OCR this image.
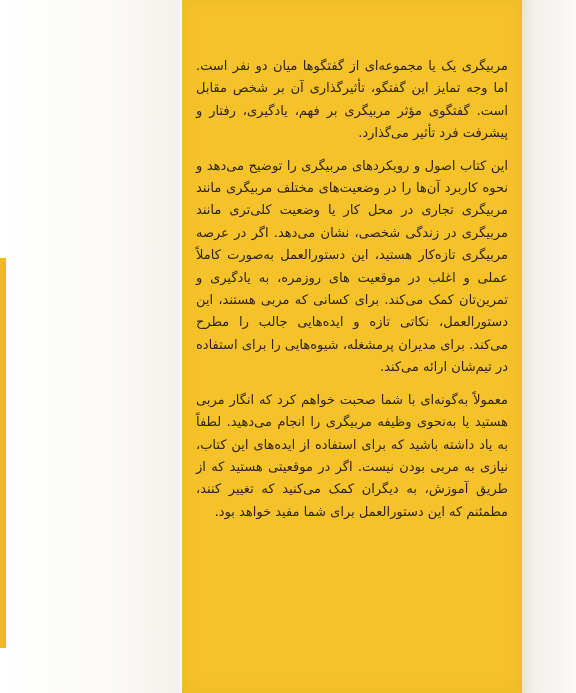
مربیگری یک یا مجموعه‌ای از گفتگوها میان دو نفر است. اما وجه تمایز این گفتگو، تأثیرگذاری آن بر شخص مقابل است. گفتگوی مؤثر مربیگری بر فهم، یادگیری، رفتار و پیشرفت فرد تأثیر می‌گذارد.

این کتاب اصول و رویکردهای مربیگری را توضیح می‌دهد و نحوه کاربرد آن‌ها را در وضعیت‌های مختلف مربیگری مانند مربیگری تجاری در محل کار یا وضعیت کلی‌تری مانند مربیگری در زندگی شخصی، نشان می‌دهد. اگر در عرصه مربیگری تازه‌کار هستید، این دستورالعمل به‌صورت کاملاً عملی و اغلب در موقعیت های روزمره، به یادگیری و تمرین‌تان کمک می‌کند. برای کسانی که مربی هستند، این دستورالعمل، نکاتی تازه و ایده‌هایی جالب را مطرح می‌کند. برای مدیران پرمشغله، شیوه‌هایی را برای استفاده در تیم‌شان ارائه می‌کند.

معمولاً به‌گونه‌ای با شما صحبت خواهم کرد که انگار مربی هستید یا به‌نحوی وظیفه مربیگری را انجام می‌دهید. لطفاً به یاد داشته باشید که برای استفاده از ایده‌های این کتاب، نیازی به مربی بودن نیست. اگر در موقعیتی هستید که از طریق آموزش، به دیگران کمک می‌کنید که تغییر کنند، مطمئنم که این دستورالعمل برای شما مفید خواهد بود.
